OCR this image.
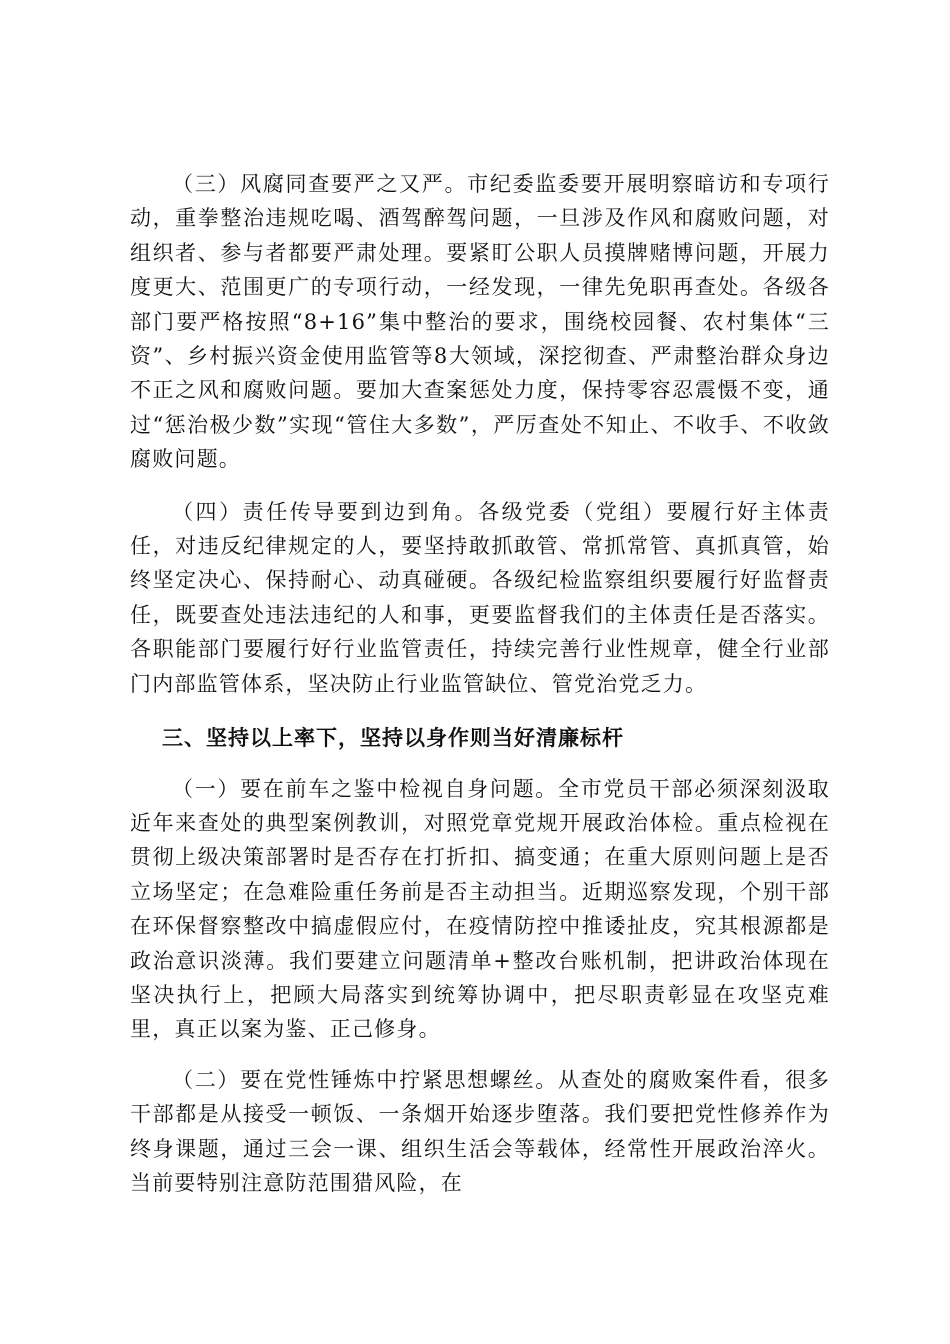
（三）风腐同查要严之又严。市纪委监委要开展明察暗访和专项行动，重拳整治违规吃喝、酒驾醉驾问题，一旦涉及作风和腐败问题，对组织者、参与者都要严肃处理。要紧盯公职人员摸牌赌博问题，开展力度更大、范围更广的专项行动，一经发现，一律先免职再查处。各级各部门要严格按照“8+16”集中整治的要求，围绕校园餐、农村集体“三资”、乡村振兴资金使用监管等8大领域，深挖彻查、严肃整治群众身边不正之风和腐败问题。要加大查案惩处力度，保持零容忍震慑不变，通过“惩治极少数”实现“管住大多数”，严厉查处不知止、不收手、不收敛腐败问题。

（四）责任传导要到边到角。各级党委（党组）要履行好主体责任，对违反纪律规定的人，要坚持敢抓敢管、常抓常管、真抓真管，始终坚定决心、保持耐心、动真碰硬。各级纪检监察组织要履行好监督责任，既要查处违法违纪的人和事，更要监督我们的主体责任是否落实。各职能部门要履行好行业监管责任，持续完善行业性规章，健全行业部门内部监管体系，坚决防止行业监管缺位、管党治党乏力。

三、坚持以上率下，坚持以身作则当好清廉标杆

（一）要在前车之鉴中检视自身问题。全市党员干部必须深刻汲取近年来查处的典型案例教训，对照党章党规开展政治体检。重点检视在贯彻上级决策部署时是否存在打折扣、搞变通；在重大原则问题上是否立场坚定；在急难险重任务前是否主动担当。近期巡察发现，个别干部在环保督察整改中搞虚假应付，在疫情防控中推诿扯皮，究其根源都是政治意识淡薄。我们要建立问题清单+整改台账机制，把讲政治体现在坚决执行上，把顾大局落实到统筹协调中，把尽职责彰显在攻坚克难里，真正以案为鉴、正己修身。

（二）要在党性锤炼中拧紧思想螺丝。从查处的腐败案件看，很多干部都是从接受一顿饭、一条烟开始逐步堕落。我们要把党性修养作为终身课题，通过三会一课、组织生活会等载体，经常性开展政治淬火。当前要特别注意防范围猎风险，在
